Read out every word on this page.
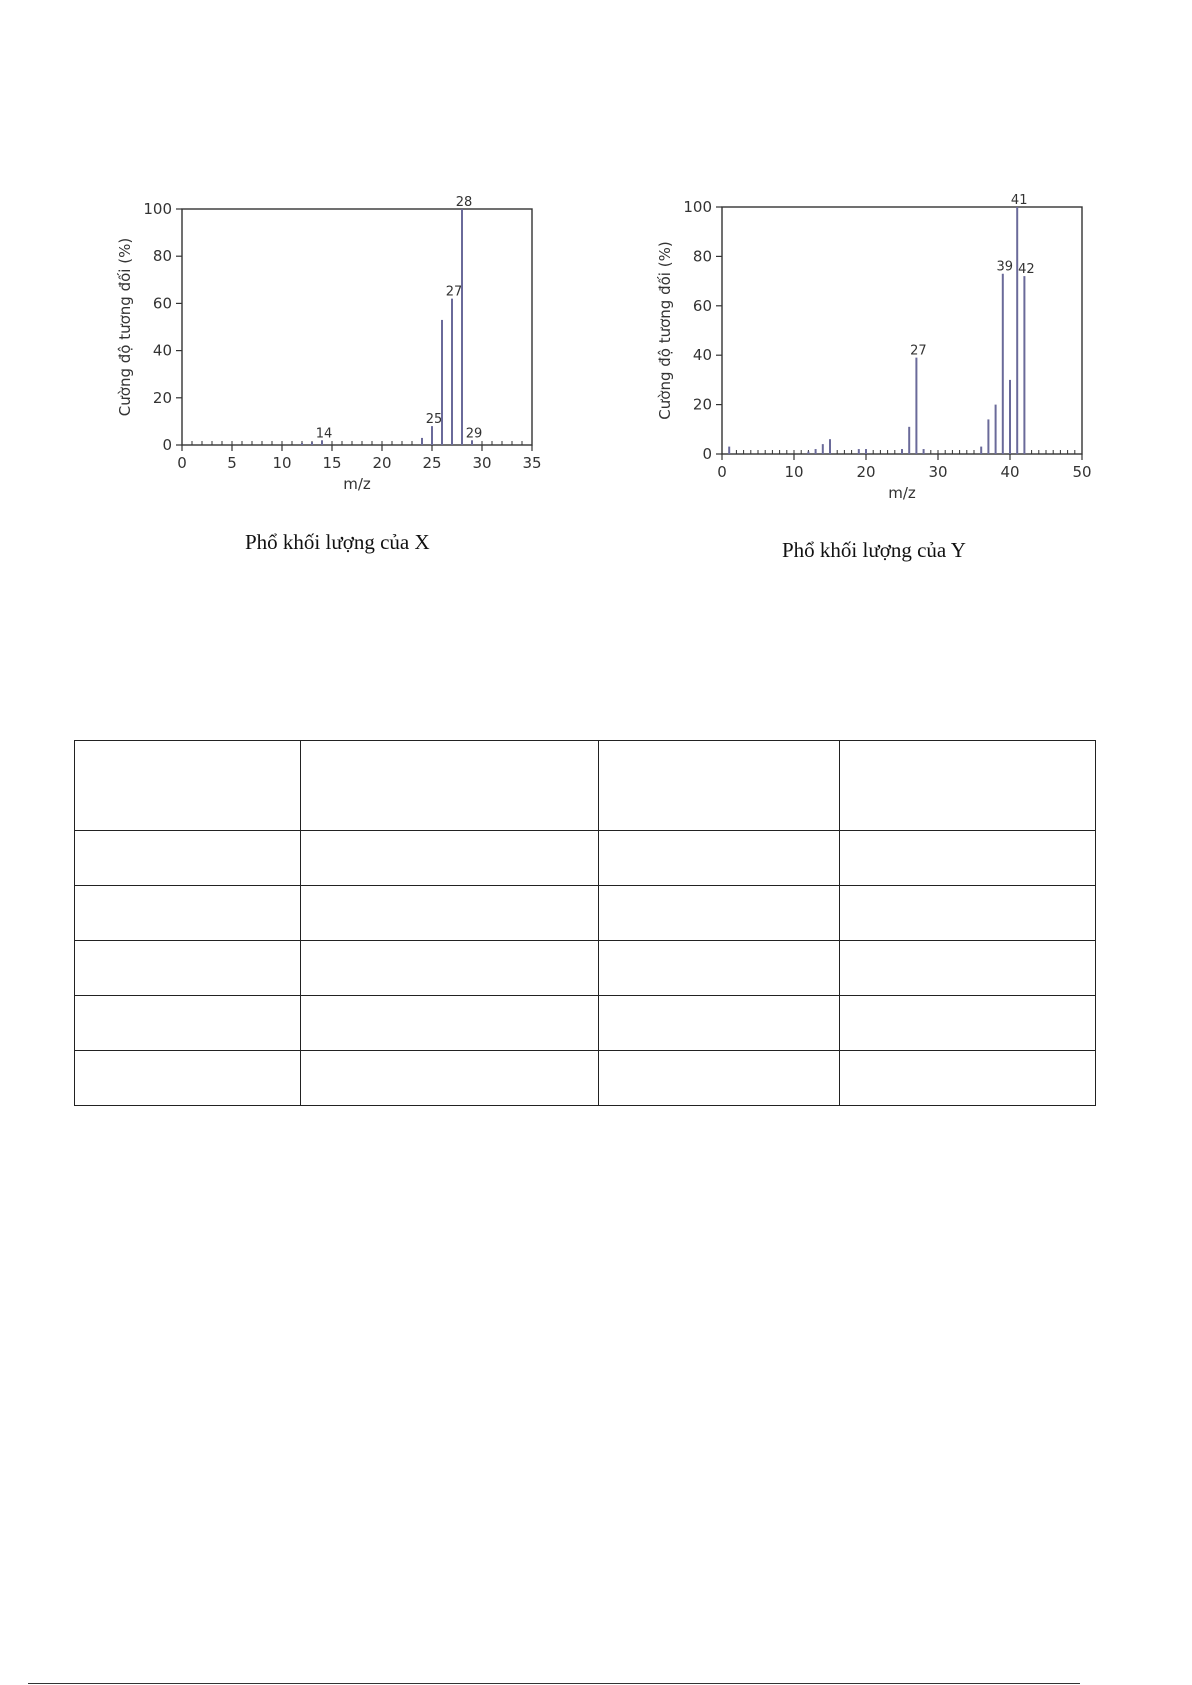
0	5 10 15 20 25 30 35
0
20
40
60
80
100
m/z
Cường độ tương đối (%)
14
25
27
28
29
Phổ khối lượng của X
0	10	20	30	40	50
0
20
40
60
80
100
m/z
Cường độ tương đối (%)	27
39
41
42
Phổ khối lượng của Y
